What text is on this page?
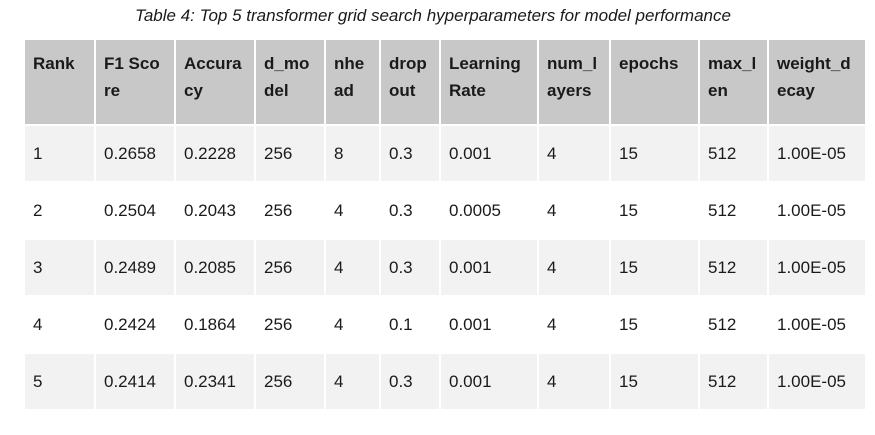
Table 4: Top 5 transformer grid search hyperparameters for model performance
Rank	F1 Score	Accuracy	d_model	nhead	dropout	Learning Rate	num_layers	epochs	max_len	weight_decay
1	0.2658	0.2228	256	8	0.3	0.001	4	15	512	1.00E-05
2	0.2504	0.2043	256	4	0.3	0.0005	4	15	512	1.00E-05
3	0.2489	0.2085	256	4	0.3	0.001	4	15	512	1.00E-05
4	0.2424	0.1864	256	4	0.1	0.001	4	15	512	1.00E-05
5	0.2414	0.2341	256	4	0.3	0.001	4	15	512	1.00E-05
